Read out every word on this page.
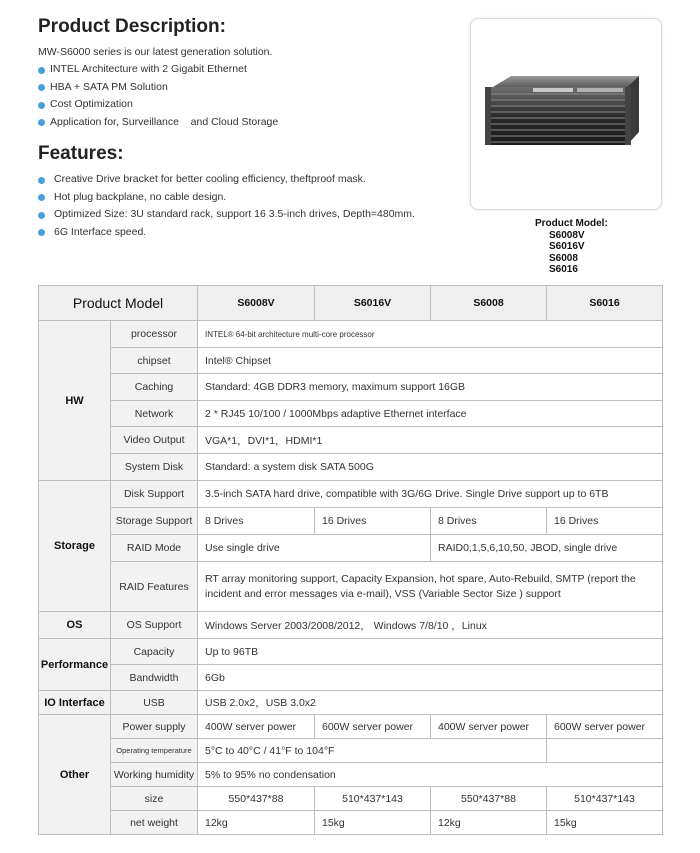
Product Description:
MW-S6000 series is our latest generation solution.
INTEL Architecture with 2 Gigabit Ethernet
HBA + SATA PM Solution
Cost Optimization
Application for, Surveillance    and Cloud Storage
Features:
Creative Drive bracket for better cooling efficiency, theftproof mask.
Hot plug backplane, no cable design.
Optimized Size: 3U standard rack, support 16 3.5-inch drives, Depth=480mm.
6G Interface speed.
Product Model:
S6008V
S6016V
S6008
S6016
Product Model		S6008V	S6016V	S6008	S6016
HW	processor	INTEL® 64-bit architecture multi-core processor			
	chipset	Intel® Chipset			
	Caching	Standard: 4GB DDR3 memory, maximum support 16GB			
	Network	2 * RJ45 10/100 / 1000Mbps adaptive Ethernet interface			
	Video Output	VGA*1，DVI*1，HDMI*1			
	System Disk	Standard: a system disk SATA 500G			
Storage	Disk Support	3.5-inch SATA hard drive, compatible with 3G/6G Drive. Single Drive support up to 6TB			
	Storage Support	8 Drives	16 Drives	8 Drives	16 Drives
	RAID Mode	Use single drive		RAID0,1,5,6,10,50, JBOD, single drive	
	RAID Features	RT array monitoring support, Capacity Expansion, hot spare, Auto-Rebuild, SMTP (report the incident and error messages via e-mail), VSS (Variable Sector Size ) support			
OS	OS Support	Windows Server 2003/2008/2012， Windows 7/8/10 ，Linux			
Performance	Capacity	Up to 96TB			
	Bandwidth	6Gb			
IO Interface	USB	USB 2.0x2，USB 3.0x2			
Other	Power supply	400W server power	600W server power	400W server power	600W server power
	Operating temperature	5°C to 40°C / 41°F to 104°F			
	Working humidity	5% to 95% no condensation			
	size	550*437*88	510*437*143	550*437*88	510*437*143
	net weight	12kg	15kg	12kg	15kg
